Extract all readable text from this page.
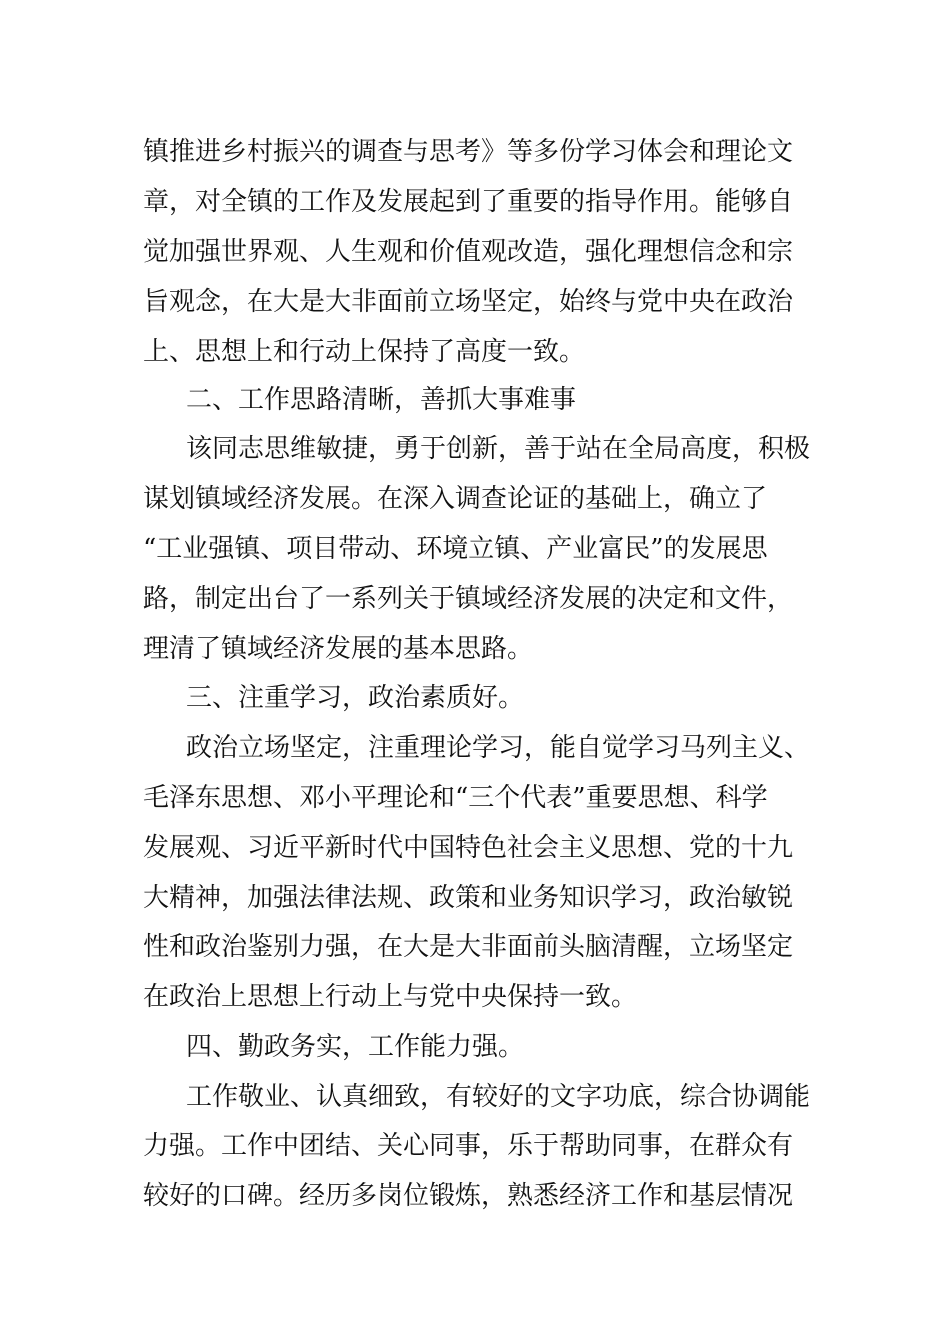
镇推进乡村振兴的调查与思考》等多份学习体会和理论文
章，对全镇的工作及发展起到了重要的指导作用。能够自
觉加强世界观、人生观和价值观改造，强化理想信念和宗
旨观念，在大是大非面前立场坚定，始终与党中央在政治
上、思想上和行动上保持了高度一致。
二、工作思路清晰，善抓大事难事
该同志思维敏捷，勇于创新，善于站在全局高度，积极
谋划镇域经济发展。在深入调查论证的基础上，确立了
“工业强镇、项目带动、环境立镇、产业富民”的发展思
路，制定出台了一系列关于镇域经济发展的决定和文件，
理清了镇域经济发展的基本思路。
三、注重学习，政治素质好。
政治立场坚定，注重理论学习，能自觉学习马列主义、
毛泽东思想、邓小平理论和“三个代表”重要思想、科学
发展观、习近平新时代中国特色社会主义思想、党的十九
大精神，加强法律法规、政策和业务知识学习，政治敏锐
性和政治鉴别力强，在大是大非面前头脑清醒，立场坚定
在政治上思想上行动上与党中央保持一致。
四、勤政务实，工作能力强。
工作敬业、认真细致，有较好的文字功底，综合协调能
力强。工作中团结、关心同事，乐于帮助同事，在群众有
较好的口碑。经历多岗位锻炼，熟悉经济工作和基层情况
